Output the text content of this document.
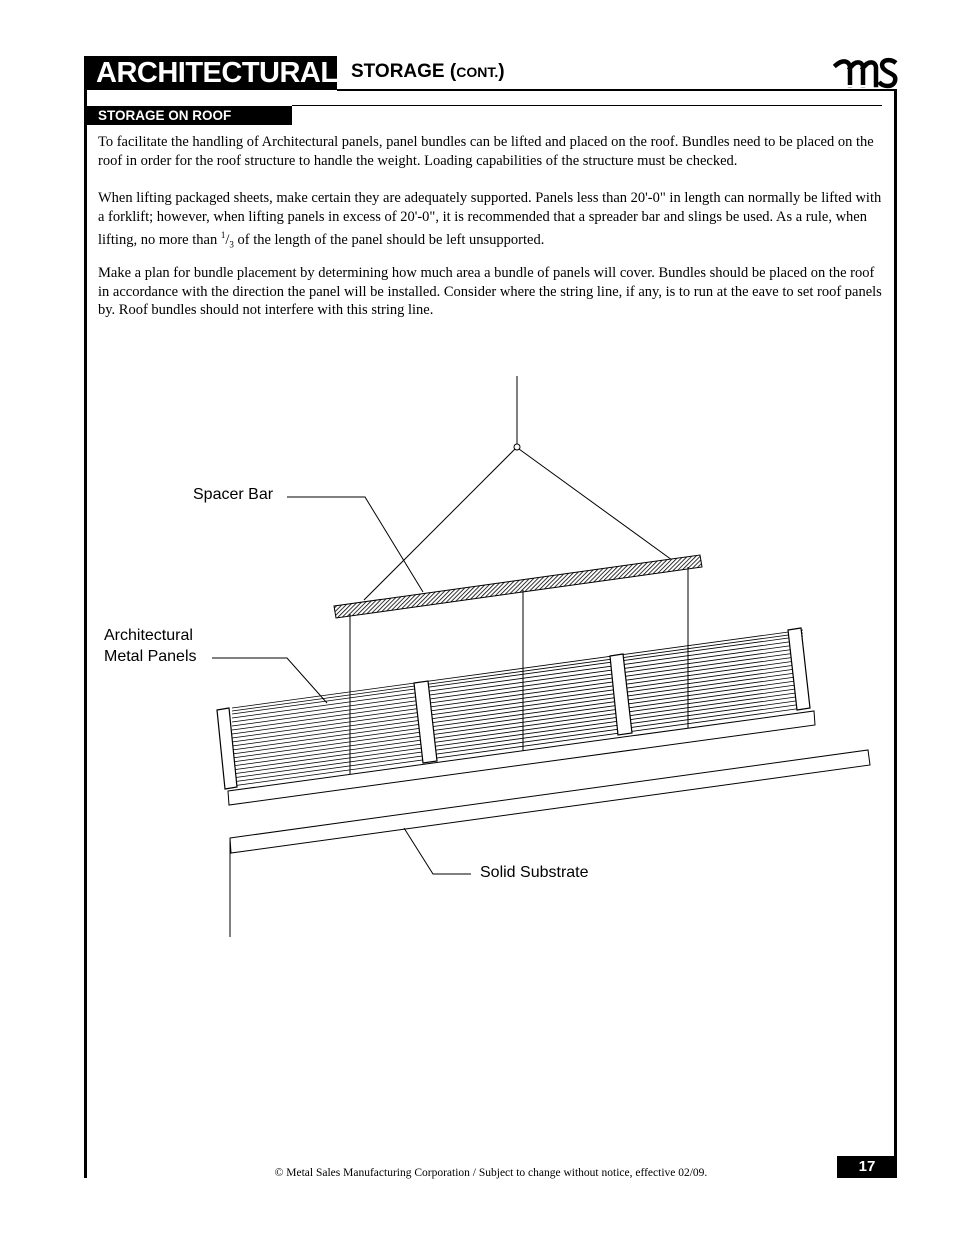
ARCHITECTURAL STORAGE (CONT.)
STORAGE ON ROOF

To facilitate the handling of Architectural panels, panel bundles can be lifted and placed on the roof. Bundles need to be placed on the roof in order for the roof structure to handle the weight. Loading capabilities of the structure must be checked.

When lifting packaged sheets, make certain they are adequately supported. Panels less than 20'-0" in length can normally be lifted with a forklift; however, when lifting panels in excess of 20'-0", it is recommended that a spreader bar and slings be used. As a rule, when lifting, no more than $^1/_3$ of the length of the panel should be left unsupported.

Make a plan for bundle placement by determining how much area a bundle of panels will cover. Bundles should be placed on the roof in accordance with the direction the panel will be installed. Consider where the string line, if any, is to run at the eave to set roof panels by. Roof bundles should not interfere with this string line.

Spacer Bar
Architectural
Metal Panels
Solid Substrate
© Metal Sales Manufacturing Corporation / Subject to change without notice, effective 02/09.	17
